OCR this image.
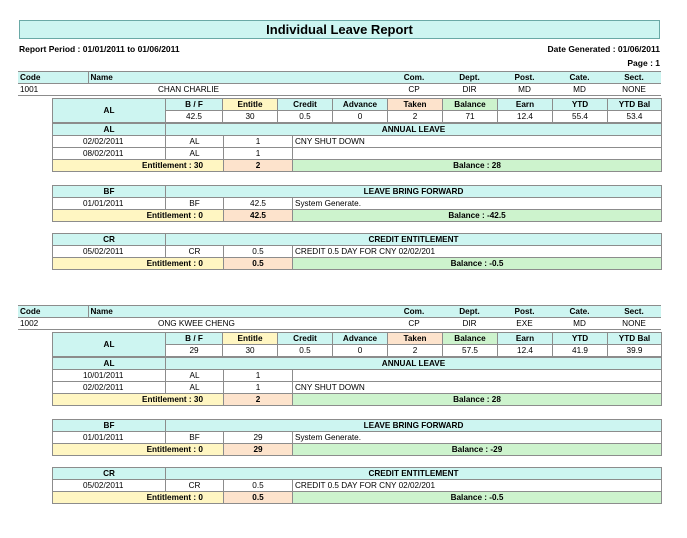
Individual Leave Report
Report Period : 01/01/2011 to 01/06/2011	Date Generated : 01/06/2011
Page : 1
Code	Name	Com.	Dept.	Post.	Cate.	Sect.
1001	CHAN CHARLIE	CP	DIR	MD	MD	NONE
AL	B / F	Entitle	Credit	Advance	Taken	Balance	Earn	YTD	YTD Bal
	42.5	30	0.5	0	2	71	12.4	55.4	53.4
AL	ANNUAL LEAVE		
02/02/2011	AL	1	CNY SHUT DOWN
08/02/2011	AL	1	
Entitlement : 30		2	Balance : 28
BF	LEAVE BRING FORWARD		
01/01/2011	BF	42.5	System Generate.
Entitlement : 0		42.5	Balance : -42.5
CR	CREDIT ENTITLEMENT		
05/02/2011	CR	0.5	CREDIT 0.5 DAY FOR CNY 02/02/201
Entitlement : 0		0.5	Balance : -0.5
Code	Name	Com.	Dept.	Post.	Cate.	Sect.
1002	ONG KWEE CHENG	CP	DIR	EXE	MD	NONE
AL	B / F	Entitle	Credit	Advance	Taken	Balance	Earn	YTD	YTD Bal
	29	30	0.5	0	2	57.5	12.4	41.9	39.9
AL	ANNUAL LEAVE		
10/01/2011	AL	1	
02/02/2011	AL	1	CNY SHUT DOWN
Entitlement : 30		2	Balance : 28
BF	LEAVE BRING FORWARD		
01/01/2011	BF	29	System Generate.
Entitlement : 0		29	Balance : -29
CR	CREDIT ENTITLEMENT		
05/02/2011	CR	0.5	CREDIT 0.5 DAY FOR CNY 02/02/201
Entitlement : 0		0.5	Balance : -0.5
